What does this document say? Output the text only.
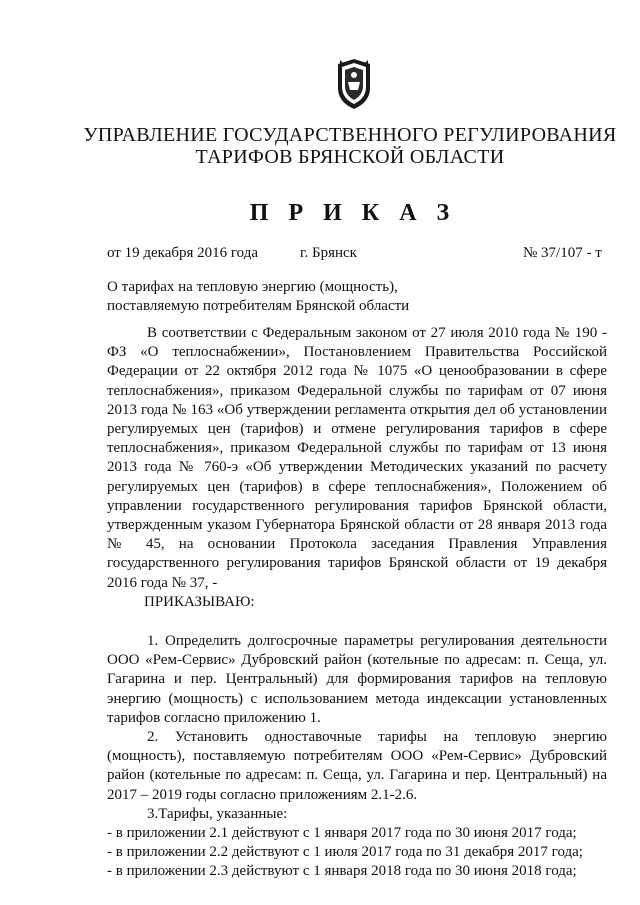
УПРАВЛЕНИЕ ГОСУДАРСТВЕННОГО РЕГУЛИРОВАНИЯ
ТАРИФОВ БРЯНСКОЙ ОБЛАСТИ
П Р И К А З
от 19 декабря 2016 года	г. Брянск	№ 37/107 - т
О тарифах на тепловую энергию (мощность),
поставляемую потребителям Брянской области

В соответствии с Федеральным законом от 27 июля 2010 года № 190 - ФЗ «О теплоснабжении», Постановлением Правительства Российской Федерации от 22 октября 2012 года № 1075 «О ценообразовании в сфере теплоснабжения», приказом Федеральной службы по тарифам от 07 июня 2013 года № 163 «Об утверждении регламента открытия дел об установлении регулируемых цен (тарифов) и отмене регулирования тарифов в сфере теплоснабжения», приказом Федеральной службы по тарифам от 13 июня 2013 года № 760-э «Об утверждении Методических указаний по расчету регулируемых цен (тарифов) в сфере теплоснабжения», Положением об управлении государственного регулирования тарифов Брянской области, утвержденным указом Губернатора Брянской области от 28 января 2013 года № 45, на основании Протокола заседания Правления Управления государственного регулирования тарифов Брянской области от 19 декабря 2016 года № 37, -

ПРИКАЗЫВАЮ:

1. Определить долгосрочные параметры регулирования деятельности ООО «Рем-Сервис» Дубровский район (котельные по адресам: п. Сеща, ул. Гагарина и пер. Центральный) для формирования тарифов на тепловую энергию (мощность) с использованием метода индексации установленных тарифов согласно приложению 1.

2. Установить одноставочные тарифы на тепловую энергию (мощность), поставляемую потребителям ООО «Рем-Сервис» Дубровский район (котельные по адресам: п. Сеща, ул. Гагарина и пер. Центральный) на 2017 – 2019 годы согласно приложениям 2.1-2.6.

3.Тарифы, указанные:

- в приложении 2.1 действуют с 1 января 2017 года по 30 июня 2017 года;
- в приложении 2.2 действуют с 1 июля 2017 года по 31 декабря 2017 года;
- в приложении 2.3 действуют с 1 января 2018 года по 30 июня 2018 года;
